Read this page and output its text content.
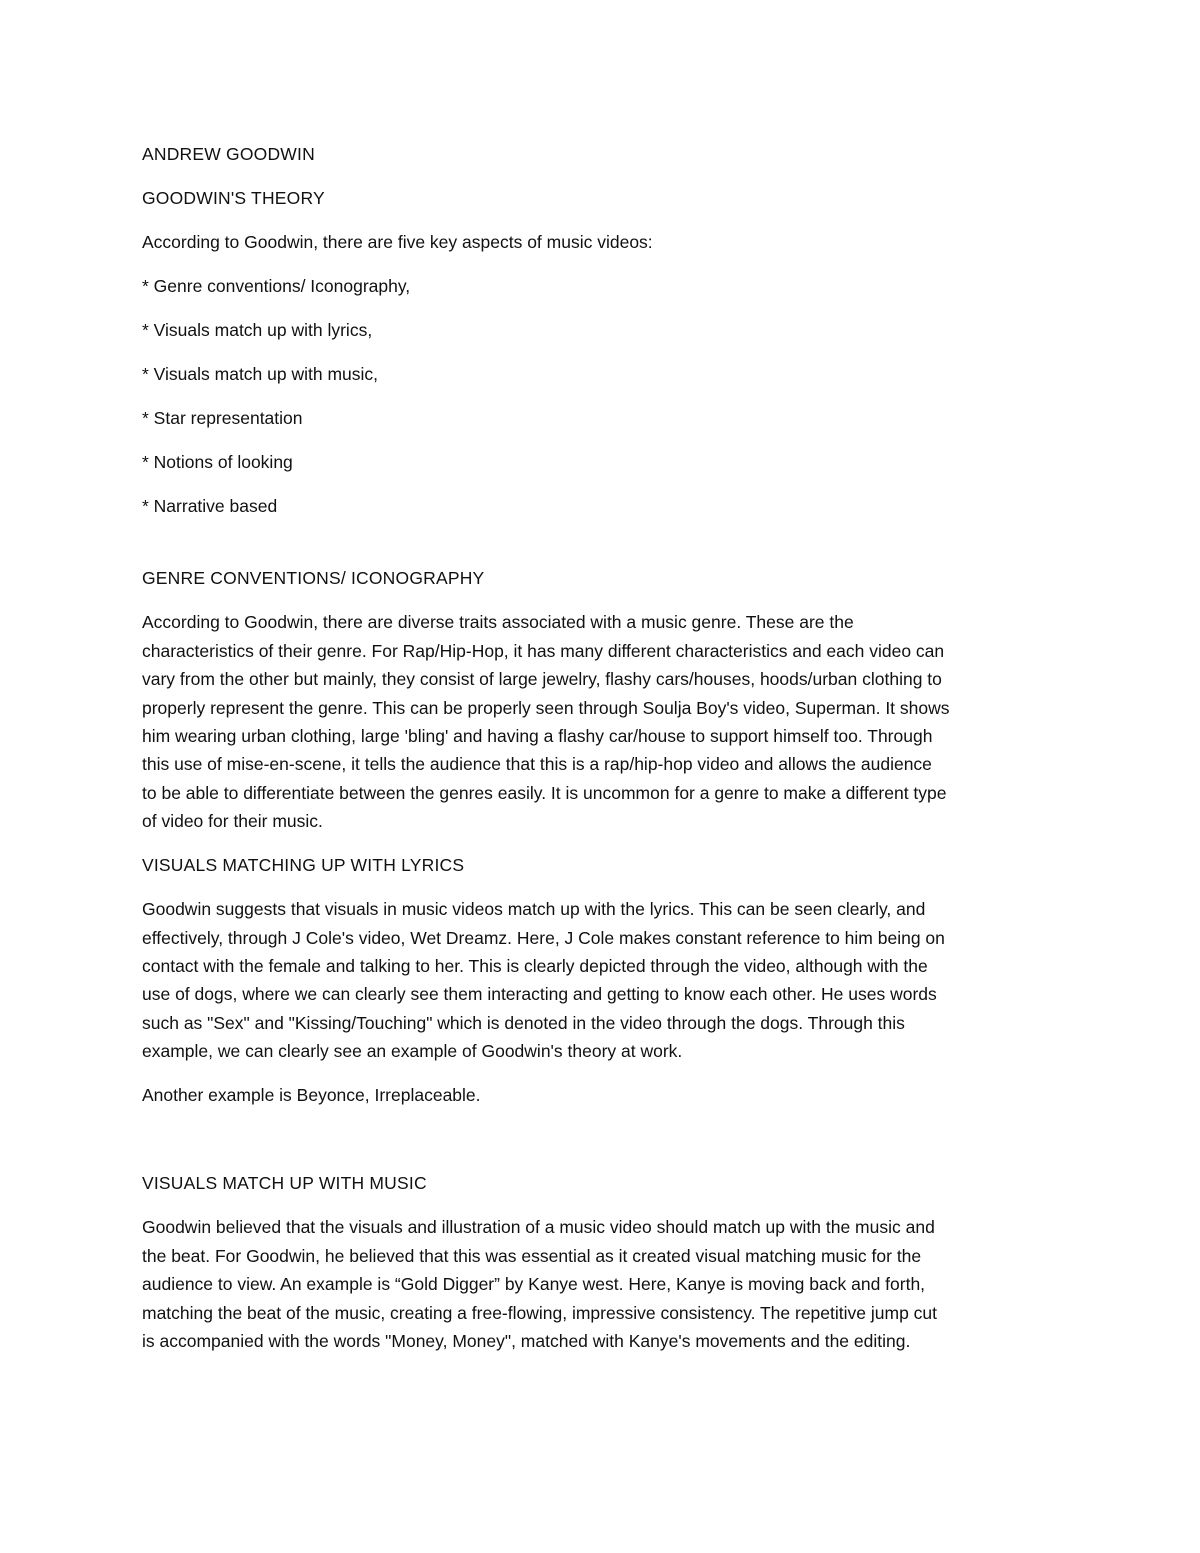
ANDREW GOODWIN

GOODWIN'S THEORY

According to Goodwin, there are five key aspects of music videos:

* Genre conventions/ Iconography,

* Visuals match up with lyrics,

* Visuals match up with music,

* Star representation

* Notions of looking

* Narrative based

GENRE CONVENTIONS/ ICONOGRAPHY

According to Goodwin, there are diverse traits associated with a music genre. These are the
characteristics of their genre. For Rap/Hip-Hop, it has many different characteristics and each video can
vary from the other but mainly, they consist of large jewelry, flashy cars/houses, hoods/urban clothing to
properly represent the genre. This can be properly seen through Soulja Boy's video, Superman. It shows
him wearing urban clothing, large 'bling' and having a flashy car/house to support himself too. Through
this use of mise-en-scene, it tells the audience that this is a rap/hip-hop video and allows the audience
to be able to differentiate between the genres easily. It is uncommon for a genre to make a different type
of video for their music.

VISUALS MATCHING UP WITH LYRICS

Goodwin suggests that visuals in music videos match up with the lyrics. This can be seen clearly, and
effectively, through J Cole's video, Wet Dreamz. Here, J Cole makes constant reference to him being on
contact with the female and talking to her. This is clearly depicted through the video, although with the
use of dogs, where we can clearly see them interacting and getting to know each other. He uses words
such as "Sex" and "Kissing/Touching" which is denoted in the video through the dogs. Through this
example, we can clearly see an example of Goodwin's theory at work.
Another example is Beyonce, Irreplaceable.

VISUALS MATCH UP WITH MUSIC

Goodwin believed that the visuals and illustration of a music video should match up with the music and
the beat. For Goodwin, he believed that this was essential as it created visual matching music for the
audience to view. An example is “Gold Digger” by Kanye west. Here, Kanye is moving back and forth,
matching the beat of the music, creating a free-flowing, impressive consistency. The repetitive jump cut
is accompanied with the words "Money, Money", matched with Kanye's movements and the editing.
